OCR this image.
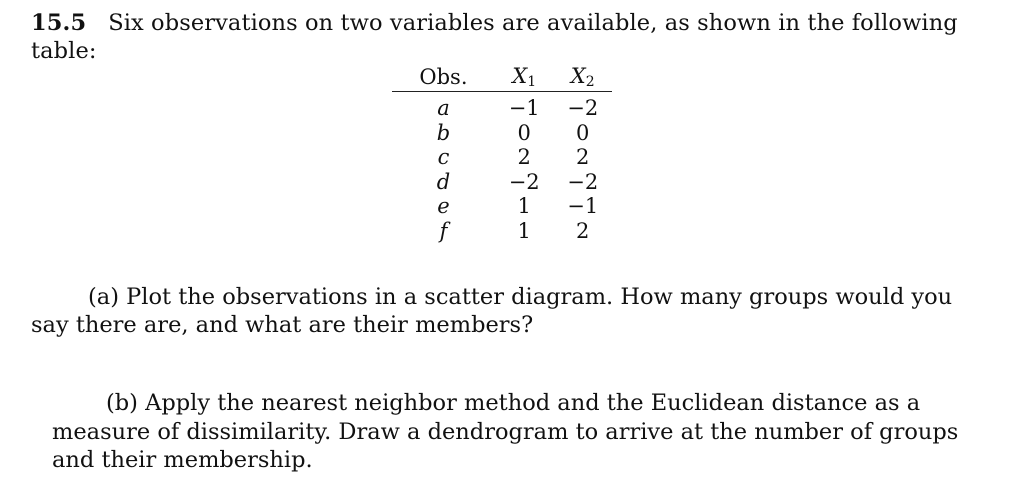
15.5 Six observations on two variables are available, as shown in the following
table:
Obs.	$X_1$	$X_2$
a	−1	−2
b	0	0
c	2	2
d	−2	−2
e	1	−1
f	1	2
(a) Plot the observations in a scatter diagram. How many groups would you
say there are, and what are their members?
(b) Apply the nearest neighbor method and the Euclidean distance as a
measure of dissimilarity. Draw a dendrogram to arrive at the number of groups
and their membership.
